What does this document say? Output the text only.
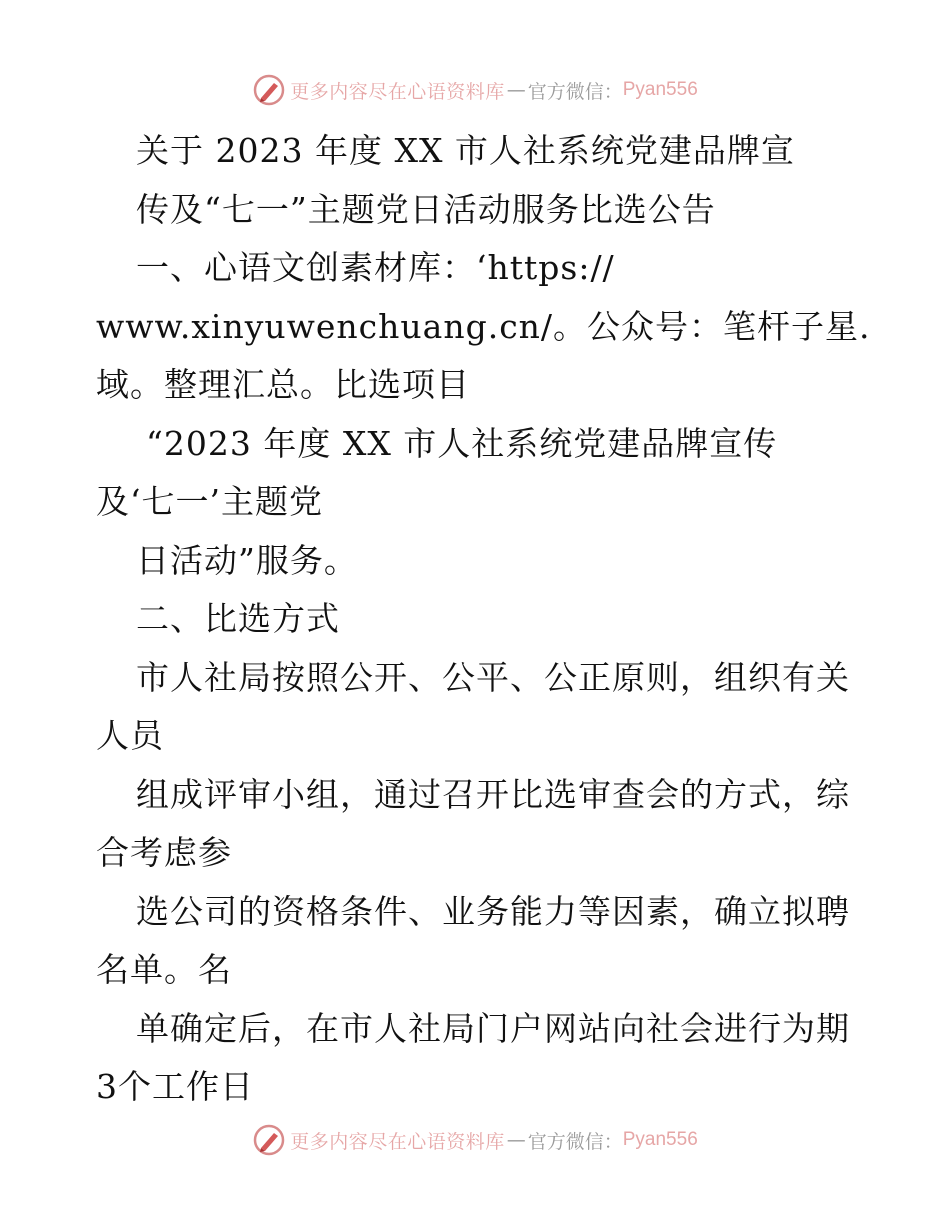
更多内容尽在心语资料库 — 官方微信： Pyan556
关于 2023 年度 XX 市人社系统党建品牌宣
传及“七一”主题党日活动服务比选公告
一、心语文创素材库：‘https://
www.xinyuwenchuang.cn/。公众号：笔杆子星.
域。整理汇总。比选项目
“2023 年度 XX 市人社系统党建品牌宣传
及‘七一’主题党
日活动”服务。
二、比选方式
市人社局按照公开、公平、公正原则，组织有关
人员
组成评审小组，通过召开比选审查会的方式，综
合考虑参
选公司的资格条件、业务能力等因素，确立拟聘
名单。名
单确定后，在市人社局门户网站向社会进行为期
3个工作日
更多内容尽在心语资料库 — 官方微信： Pyan556
